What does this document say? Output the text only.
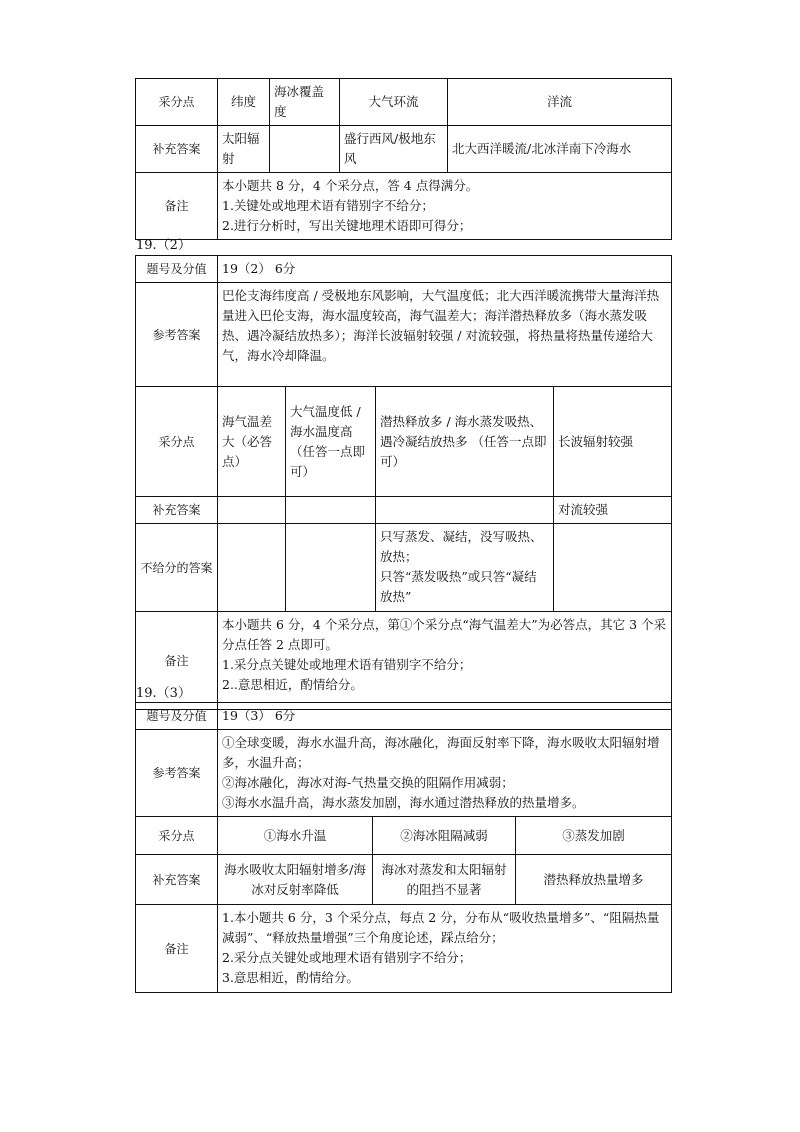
采分点	纬度	海冰覆盖度	大气环流	洋流
补充答案	太阳辐射		盛行西风/极地东风	北大西洋暖流/北冰洋南下冷海水
备注	本小题共 8 分，4 个采分点，答 4 点得满分。
1.关键处或地理术语有错别字不给分；
2.进行分析时，写出关键地理术语即可得分；			
19.（2）
题号及分值	19（2） 6分			
参考答案	巴伦支海纬度高 / 受极地东风影响，大气温度低；北大西洋暖流携带大量海洋热量进入巴伦支海，海水温度较高，海气温差大；海洋潜热释放多（海水蒸发吸热、遇冷凝结放热多）；海洋长波辐射较强 / 对流较强，将热量将热量传递给大气，海水冷却降温。			
采分点	海气温差大（必答点）	大气温度低 / 海水温度高 （任答一点即可）	潜热释放多 / 海水蒸发吸热、遇冷凝结放热多 （任答一点即可）	长波辐射较强
补充答案				对流较强
不给分的答案			只写蒸发、凝结，没写吸热、放热；
只答“蒸发吸热”或只答“凝结放热”	

备注	本小题共 6 分，4 个采分点，第①个采分点“海气温差大”为必答点，其它 3 个采分点任答 2 点即可。
1.采分点关键处或地理术语有错别字不给分；
2..意思相近，酌情给分。			
19.（3）
题号及分值	19（3） 6分		
参考答案	①全球变暖，海水水温升高，海冰融化，海面反射率下降，海水吸收太阳辐射增多，水温升高；
②海冰融化，海冰对海-气热量交换的阻隔作用减弱；
③海水水温升高，海水蒸发加剧，海水通过潜热释放的热量增多。		

采分点	①海水升温	②海冰阻隔减弱	③蒸发加剧
补充答案	海水吸收太阳辐射增多/海冰对反射率降低	海冰对蒸发和太阳辐射的阻挡不显著	潜热释放热量增多
备注	1.本小题共 6 分，3 个采分点，每点 2 分，分布从“吸收热量增多”、“阻隔热量减弱”、“释放热量增强”三个角度论述，踩点给分；
2.采分点关键处或地理术语有错别字不给分；
3.意思相近，酌情给分。		
